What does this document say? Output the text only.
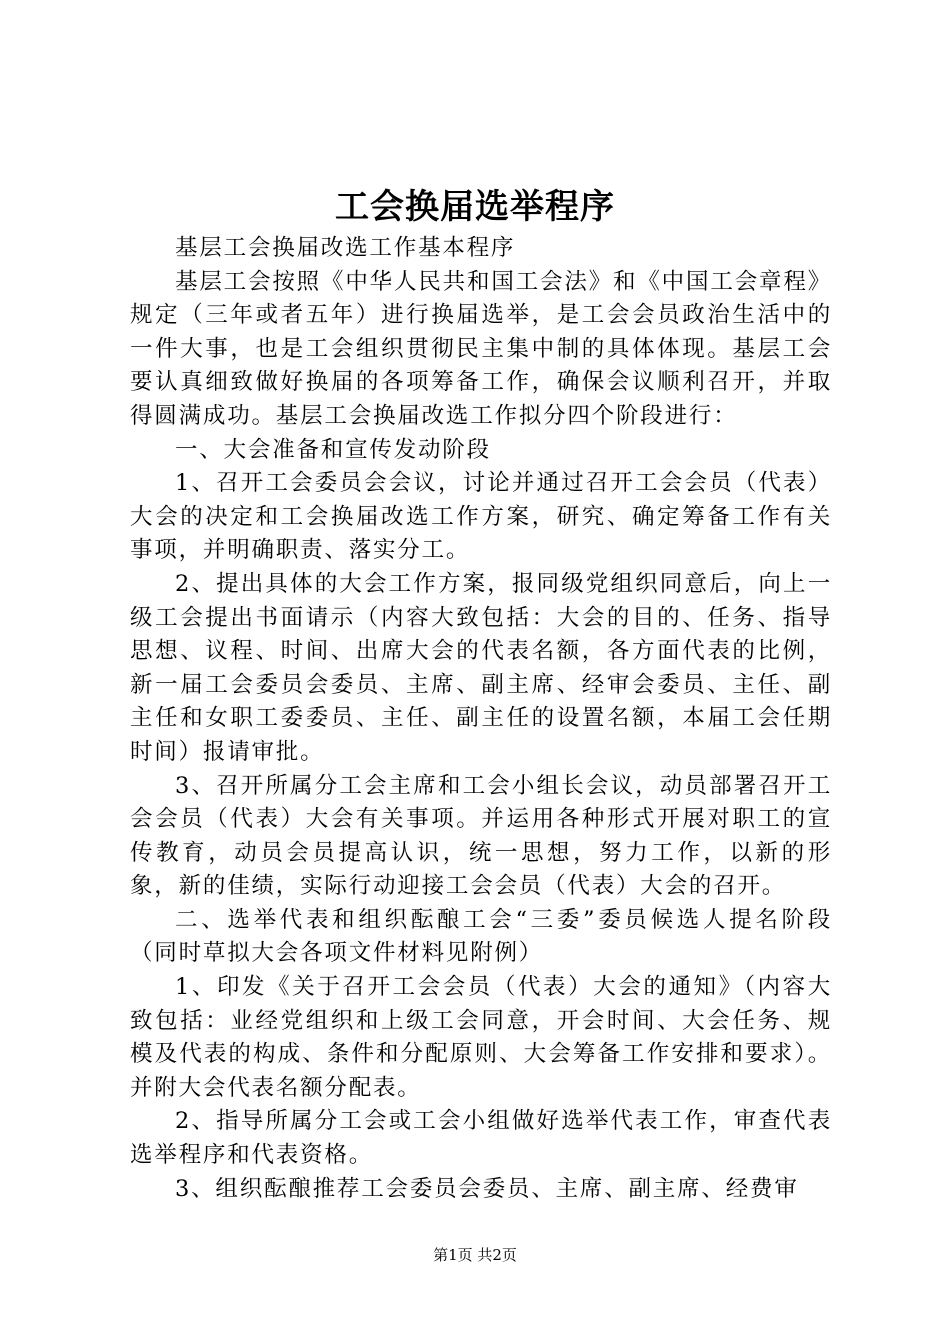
工会换届选举程序

基层工会换届改选工作基本程序

基层工会按照《中华人民共和国工会法》和《中国工会章程》规定（三年或者五年）进行换届选举，是工会会员政治生活中的一件大事，也是工会组织贯彻民主集中制的具体体现。基层工会要认真细致做好换届的各项筹备工作，确保会议顺利召开，并取得圆满成功。基层工会换届改选工作拟分四个阶段进行：

一、大会准备和宣传发动阶段

1、召开工会委员会会议，讨论并通过召开工会会员（代表）大会的决定和工会换届改选工作方案，研究、确定筹备工作有关事项，并明确职责、落实分工。

2、提出具体的大会工作方案，报同级党组织同意后，向上一级工会提出书面请示（内容大致包括：大会的目的、任务、指导思想、议程、时间、出席大会的代表名额，各方面代表的比例，新一届工会委员会委员、主席、副主席、经审会委员、主任、副主任和女职工委委员、主任、副主任的设置名额，本届工会任期时间）报请审批。

3、召开所属分工会主席和工会小组长会议，动员部署召开工会会员（代表）大会有关事项。并运用各种形式开展对职工的宣传教育，动员会员提高认识，统一思想，努力工作，以新的形象，新的佳绩，实际行动迎接工会会员（代表）大会的召开。

二、选举代表和组织酝酿工会“三委”委员候选人提名阶段（同时草拟大会各项文件材料见附例）

1、印发《关于召开工会会员（代表）大会的通知》（内容大致包括：业经党组织和上级工会同意，开会时间、大会任务、规模及代表的构成、条件和分配原则、大会筹备工作安排和要求）。并附大会代表名额分配表。

2、指导所属分工会或工会小组做好选举代表工作，审查代表选举程序和代表资格。

3、组织酝酿推荐工会委员会委员、主席、副主席、经费审

第1页 共2页
